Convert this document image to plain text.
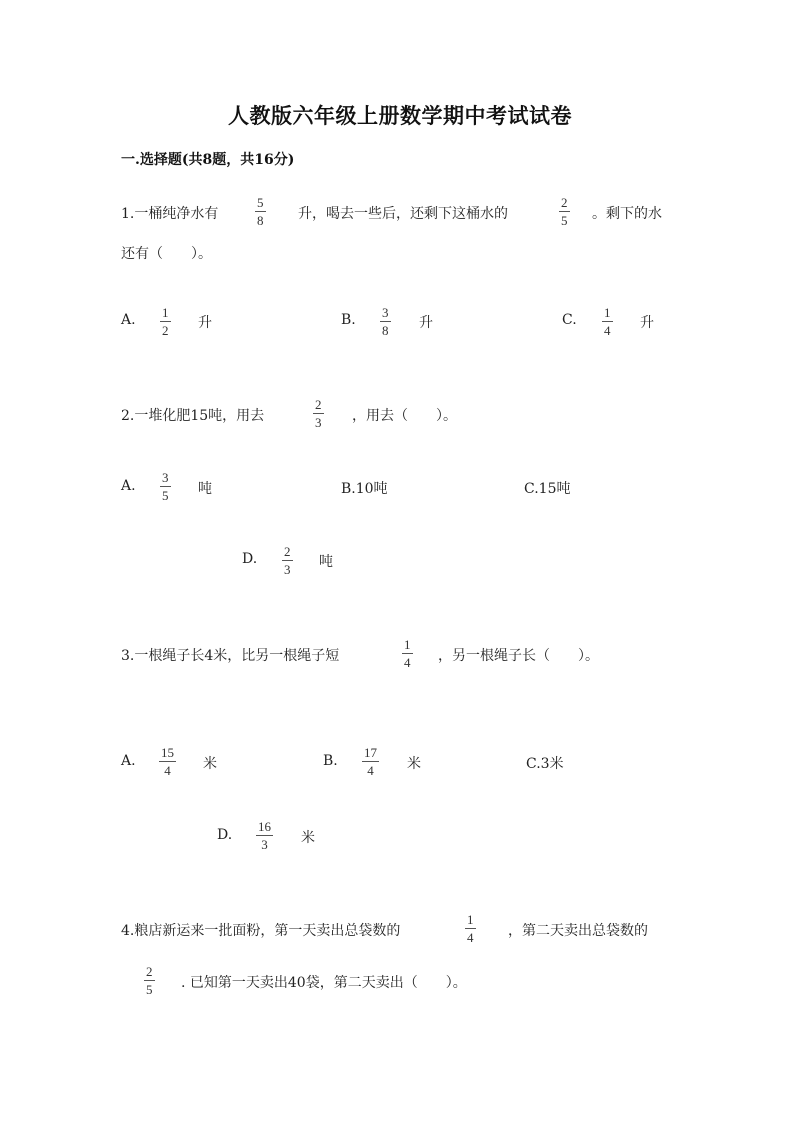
人教版六年级上册数学期中考试试卷
一.选择题(共8题，共16分)
1.一桶纯净水有
5
8 升，喝去一些后，还剩下这桶水的
2
5 。剩下的水
还有（　　）。
A. 1
2 升	B. 3
8 升	C. 1
4 升
2.一堆化肥15吨，用去
2
3 ，用去（　　）。
A.
3
5 吨	B.10吨	C.15吨
D. 2
3 吨
3.一根绳子长4米，比另一根绳子短
1
4 ，另一根绳子长（　　）。
A.
15
4 米	B.
17
4 米	C.3米
D.
16
3 米
4.粮店新运来一批面粉，第一天卖出总袋数的
1
4 ，第二天卖出总袋数的
2
5 . 已知第一天卖出40袋，第二天卖出（　　）。
